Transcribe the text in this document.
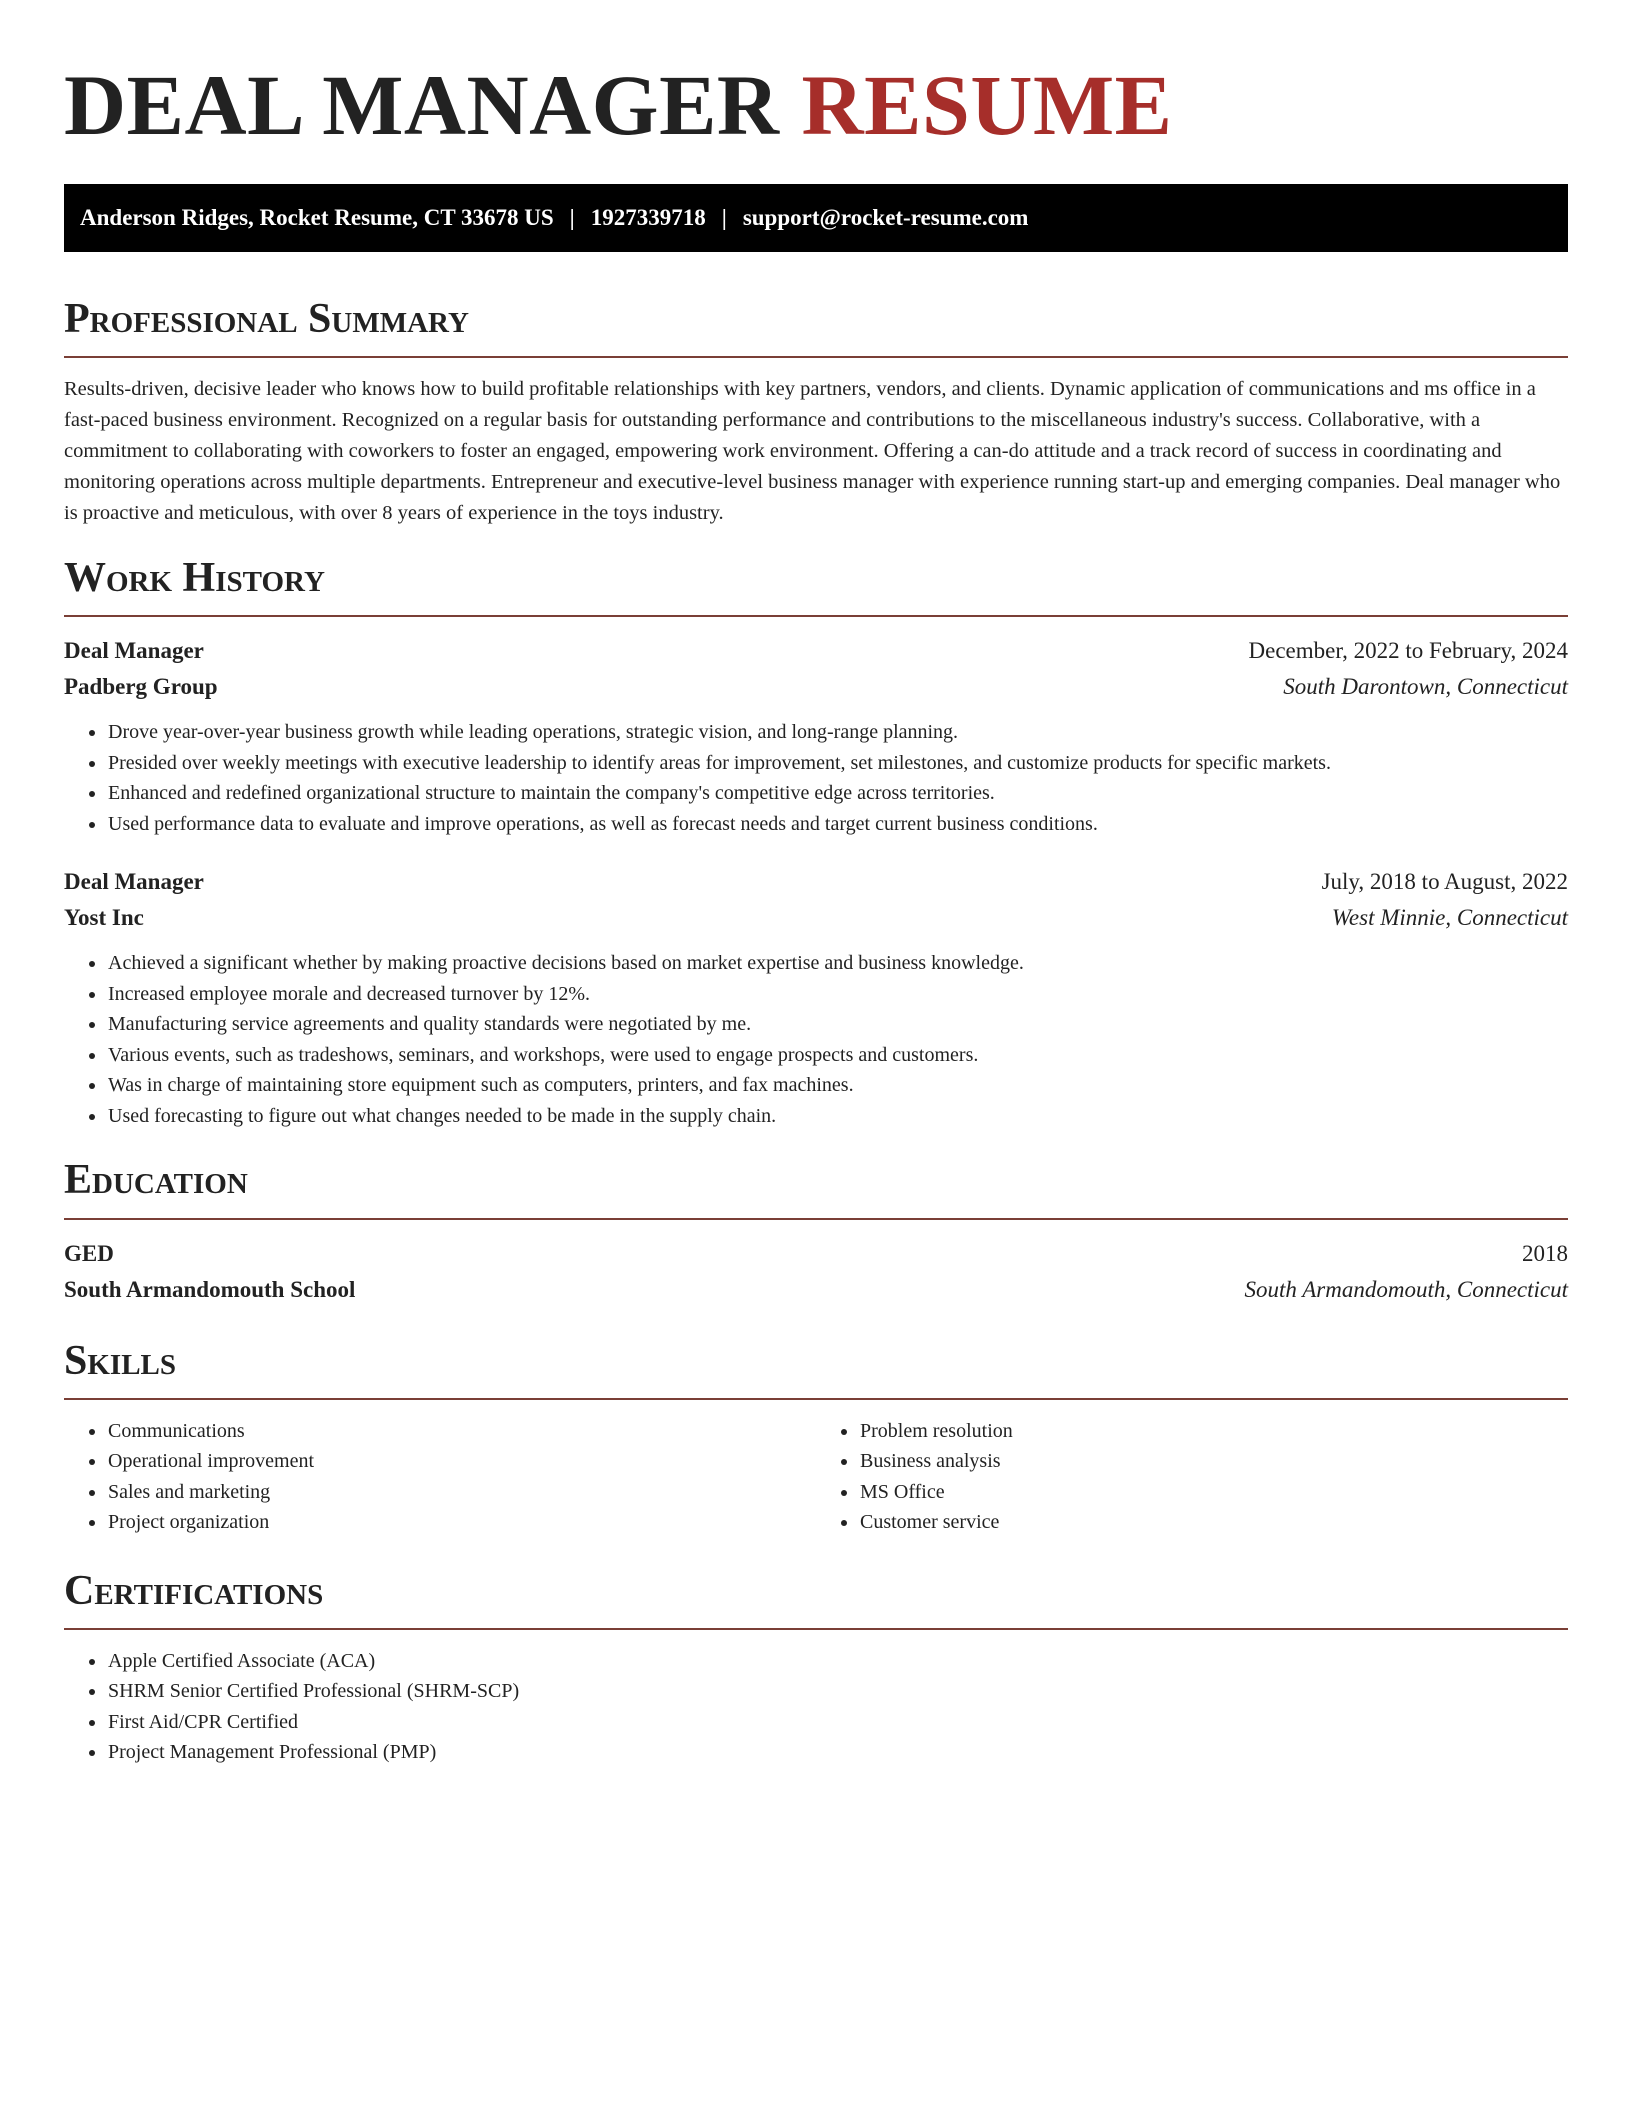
DEAL MANAGER RESUME
Anderson Ridges, Rocket Resume, CT 33678 US | 1927339718 | support@rocket-resume.com
Professional Summary

Results-driven, decisive leader who knows how to build profitable relationships with key partners, vendors, and clients. Dynamic application of communications and ms office in a fast-paced business environment. Recognized on a regular basis for outstanding performance and contributions to the miscellaneous industry's success. Collaborative, with a commitment to collaborating with coworkers to foster an engaged, empowering work environment. Offering a can-do attitude and a track record of success in coordinating and monitoring operations across multiple departments. Entrepreneur and executive-level business manager with experience running start-up and emerging companies. Deal manager who is proactive and meticulous, with over 8 years of experience in the toys industry.

Work History
Deal Manager	December, 2022 to February, 2024
Padberg Group	South Darontown, Connecticut
• Drove year-over-year business growth while leading operations, strategic vision, and long-range planning.
• Presided over weekly meetings with executive leadership to identify areas for improvement, set milestones, and customize products for specific markets.
• Enhanced and redefined organizational structure to maintain the company's competitive edge across territories.
• Used performance data to evaluate and improve operations, as well as forecast needs and target current business conditions.
Deal Manager	July, 2018 to August, 2022
Yost Inc	West Minnie, Connecticut
• Achieved a significant whether by making proactive decisions based on market expertise and business knowledge.
• Increased employee morale and decreased turnover by 12%.
• Manufacturing service agreements and quality standards were negotiated by me.
• Various events, such as tradeshows, seminars, and workshops, were used to engage prospects and customers.
• Was in charge of maintaining store equipment such as computers, printers, and fax machines.
• Used forecasting to figure out what changes needed to be made in the supply chain.
Education
GED	2018
South Armandomouth School	South Armandomouth, Connecticut
Skills
• Communications
• Operational improvement
• Sales and marketing
• Project organization
• Problem resolution
• Business analysis
• MS Office
• Customer service
Certifications
• Apple Certified Associate (ACA)
• SHRM Senior Certified Professional (SHRM-SCP)
• First Aid/CPR Certified
• Project Management Professional (PMP)
